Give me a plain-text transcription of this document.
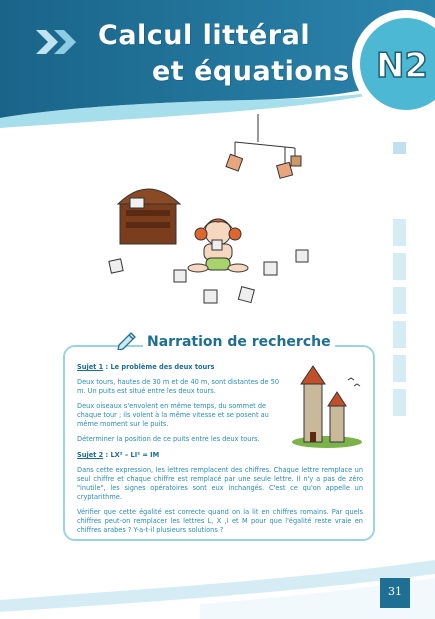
Calcul littéral
et équations N2
Narration de recherche
Sujet 1 : Le problème des deux tours
Deux tours, hautes de 30 m et de 40 m, sont distantes de 50 m. Un puits est situé entre les deux tours.
Deux oiseaux s'envolent en même temps, du sommet de chaque tour ; ils volent à la même vitesse et se posent au même moment sur le puits.
Déterminer la position de ce puits entre les deux tours.
Sujet 2 : LX² – LI² = IM
Dans cette expression, les lettres remplacent des chiffres. Chaque lettre remplace un seul chiffre et chaque chiffre est remplacé par une seule lettre. Il n'y a pas de zéro "inutile", les signes opératoires sont eux inchangés. C'est ce qu'on appelle un cryptarithme.
Vérifier que cette égalité est correcte quand on la lit en chiffres romains. Par quels chiffres peut-on remplacer les lettres L, X ,I et M pour que l'égalité reste vraie en chiffres arabes ? Y-a-t-il plusieurs solutions ?
31
